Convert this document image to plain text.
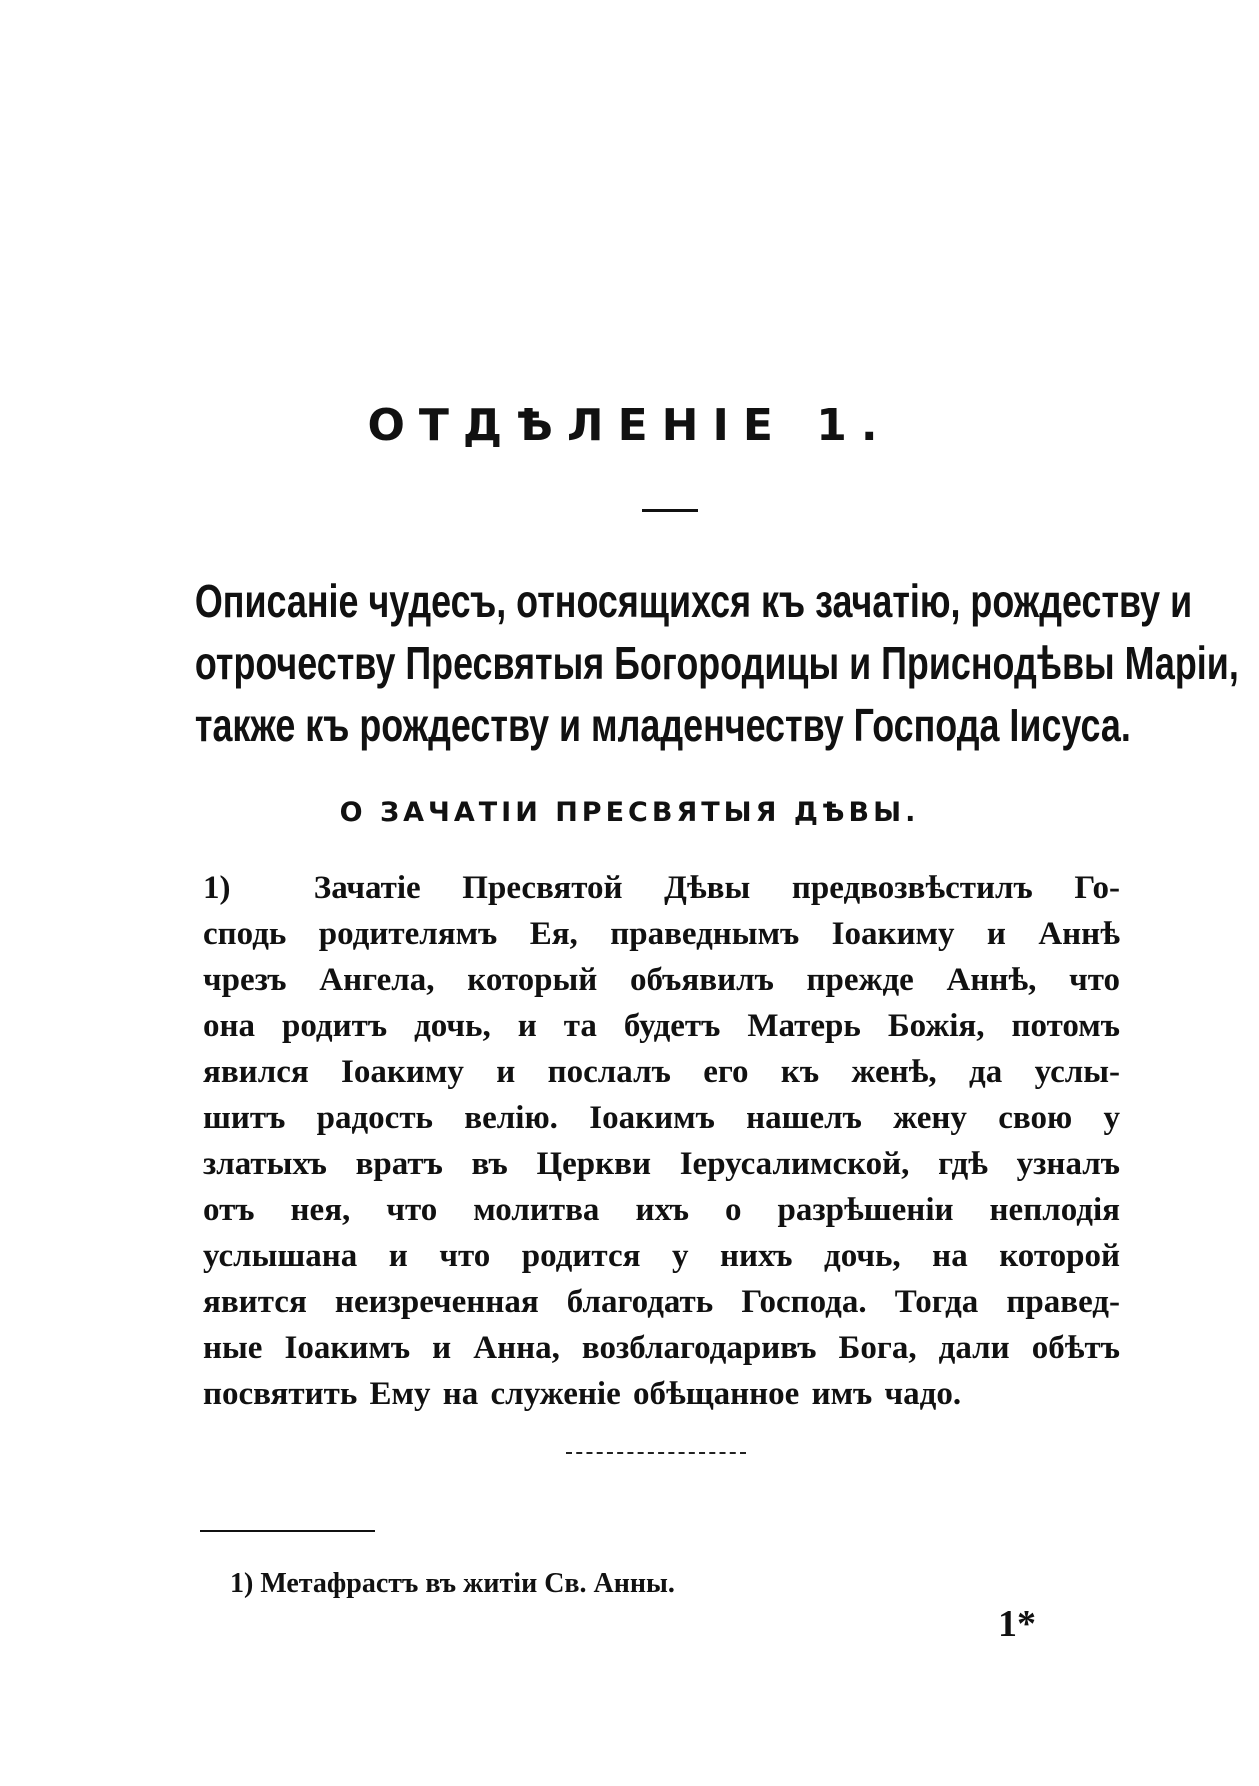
ОТДѢЛЕНІЕ 1.
Описаніе чудесъ, относящихся къ зачатію, рождеству и
отрочеству Пресвятыя Богородицы и Приснодѣвы Маріи,
также къ рождеству и младенчеству Господа Іисуса.
О ЗАЧАТІИ ПРЕСВЯТЫЯ ДѢВЫ.
1)	Зачатіе Пресвятой Дѣвы предвозвѣстилъ Го-
сподь родителямъ Ея, праведнымъ Іоакиму и Аннѣ
чрезъ Ангела, который объявилъ прежде Аннѣ, что
она родитъ дочь, и та будетъ Матерь Божія, потомъ
явился Іоакиму и послалъ его къ женѣ, да услы-
шитъ радость велію. Іоакимъ нашелъ жену свою у
златыхъ вратъ въ Церкви Іерусалимской, гдѣ узналъ
отъ нея, что молитва ихъ о разрѣшеніи неплодія
услышана и что родится у нихъ дочь, на которой
явится неизреченная благодать Господа. Тогда правед-
ные Іоакимъ и Анна, возблагодаривъ Бога, дали обѣтъ
посвятить Ему на служеніе обѣщанное имъ чадо.
1) Метафрастъ въ житіи Св. Анны.
1*
